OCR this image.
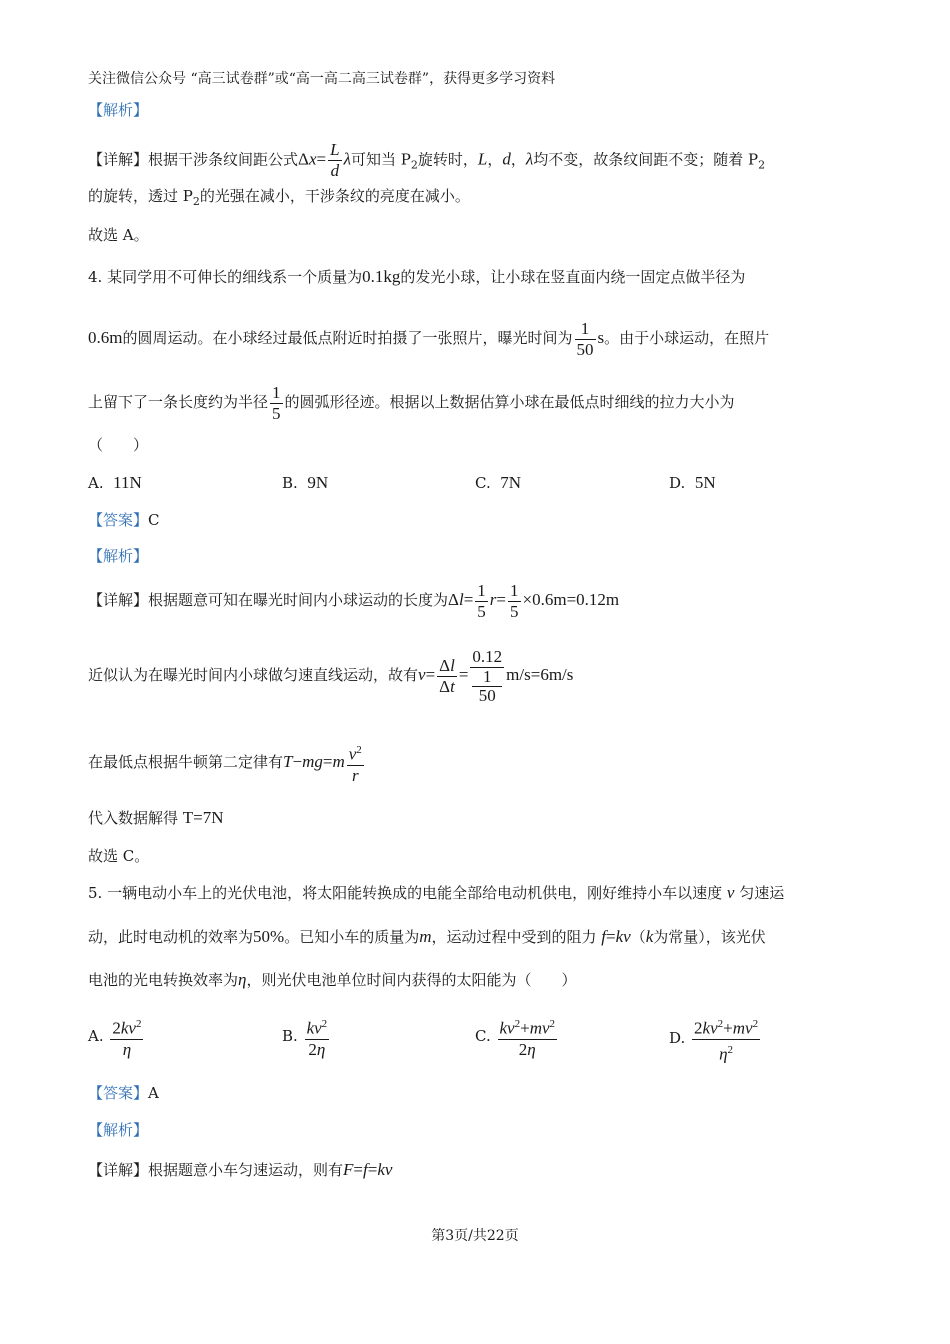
关注微信公众号 “高三试卷群”或“高一高二高三试卷群”，获得更多学习资料
【解析】
【详解】根据干涉条纹间距公式$\Delta x= \frac{L}{d}$ λ可知当 $P_2$旋转时，L，d，λ均不变，故条纹间距不变；随着 $P_2$
的旋转，透过 $P_2$的光强在减小，干涉条纹的亮度在减小。
故选 A。
4. 某同学用不可伸长的细线系一个质量为0.1kg的发光小球，让小球在竖直面内绕一固定点做半径为
0.6m的圆周运动。在小球经过最低点附近时拍摄了一张照片，曝光时间为 $\frac{1}{50}$ s。由于小球运动，在照片
上留下了一条长度约为半径 $\frac{1}{5}$ 的圆弧形径迹。根据以上数据估算小球在最低点时细线的拉力大小为
（　　）
A. 11N	B. 9N	C. 7N	D. 5N
【答案】C
【解析】
【详解】根据题意可知在曝光时间内小球运动的长度为$\Delta l= \frac{1}{5} r= \frac{1}{5} \times 0.6m=0.12m$
近似认为在曝光时间内小球做匀速直线运动，故有$v= \frac{\Delta l}{\Delta t} = 0.12$
1
50 m/s=6m/s
在最低点根据牛顿第二定律有$T-mg=m \frac{v^2}{r}$
代入数据解得 T=7N
故选 C。
5. 一辆电动小车上的光伏电池，将太阳能转换成的电能全部给电动机供电，刚好维持小车以速度 v 匀速运
动，此时电动机的效率为50%。已知小车的质量为m，运动过程中受到的阻力 f=kv（k为常量），该光伏
电池的光电转换效率为η，则光伏电池单位时间内获得的太阳能为（　　）
A. $\frac{2kv^2}{\eta}$	B. $\frac{kv^2}{2\eta}$	C. $\frac{kv^2+mv^2}{2\eta}$	D. $\frac{2kv^2+mv^2}{\eta^2}$
【答案】A
【解析】
【详解】根据题意小车匀速运动，则有F=f=kv
第3页/共22页
